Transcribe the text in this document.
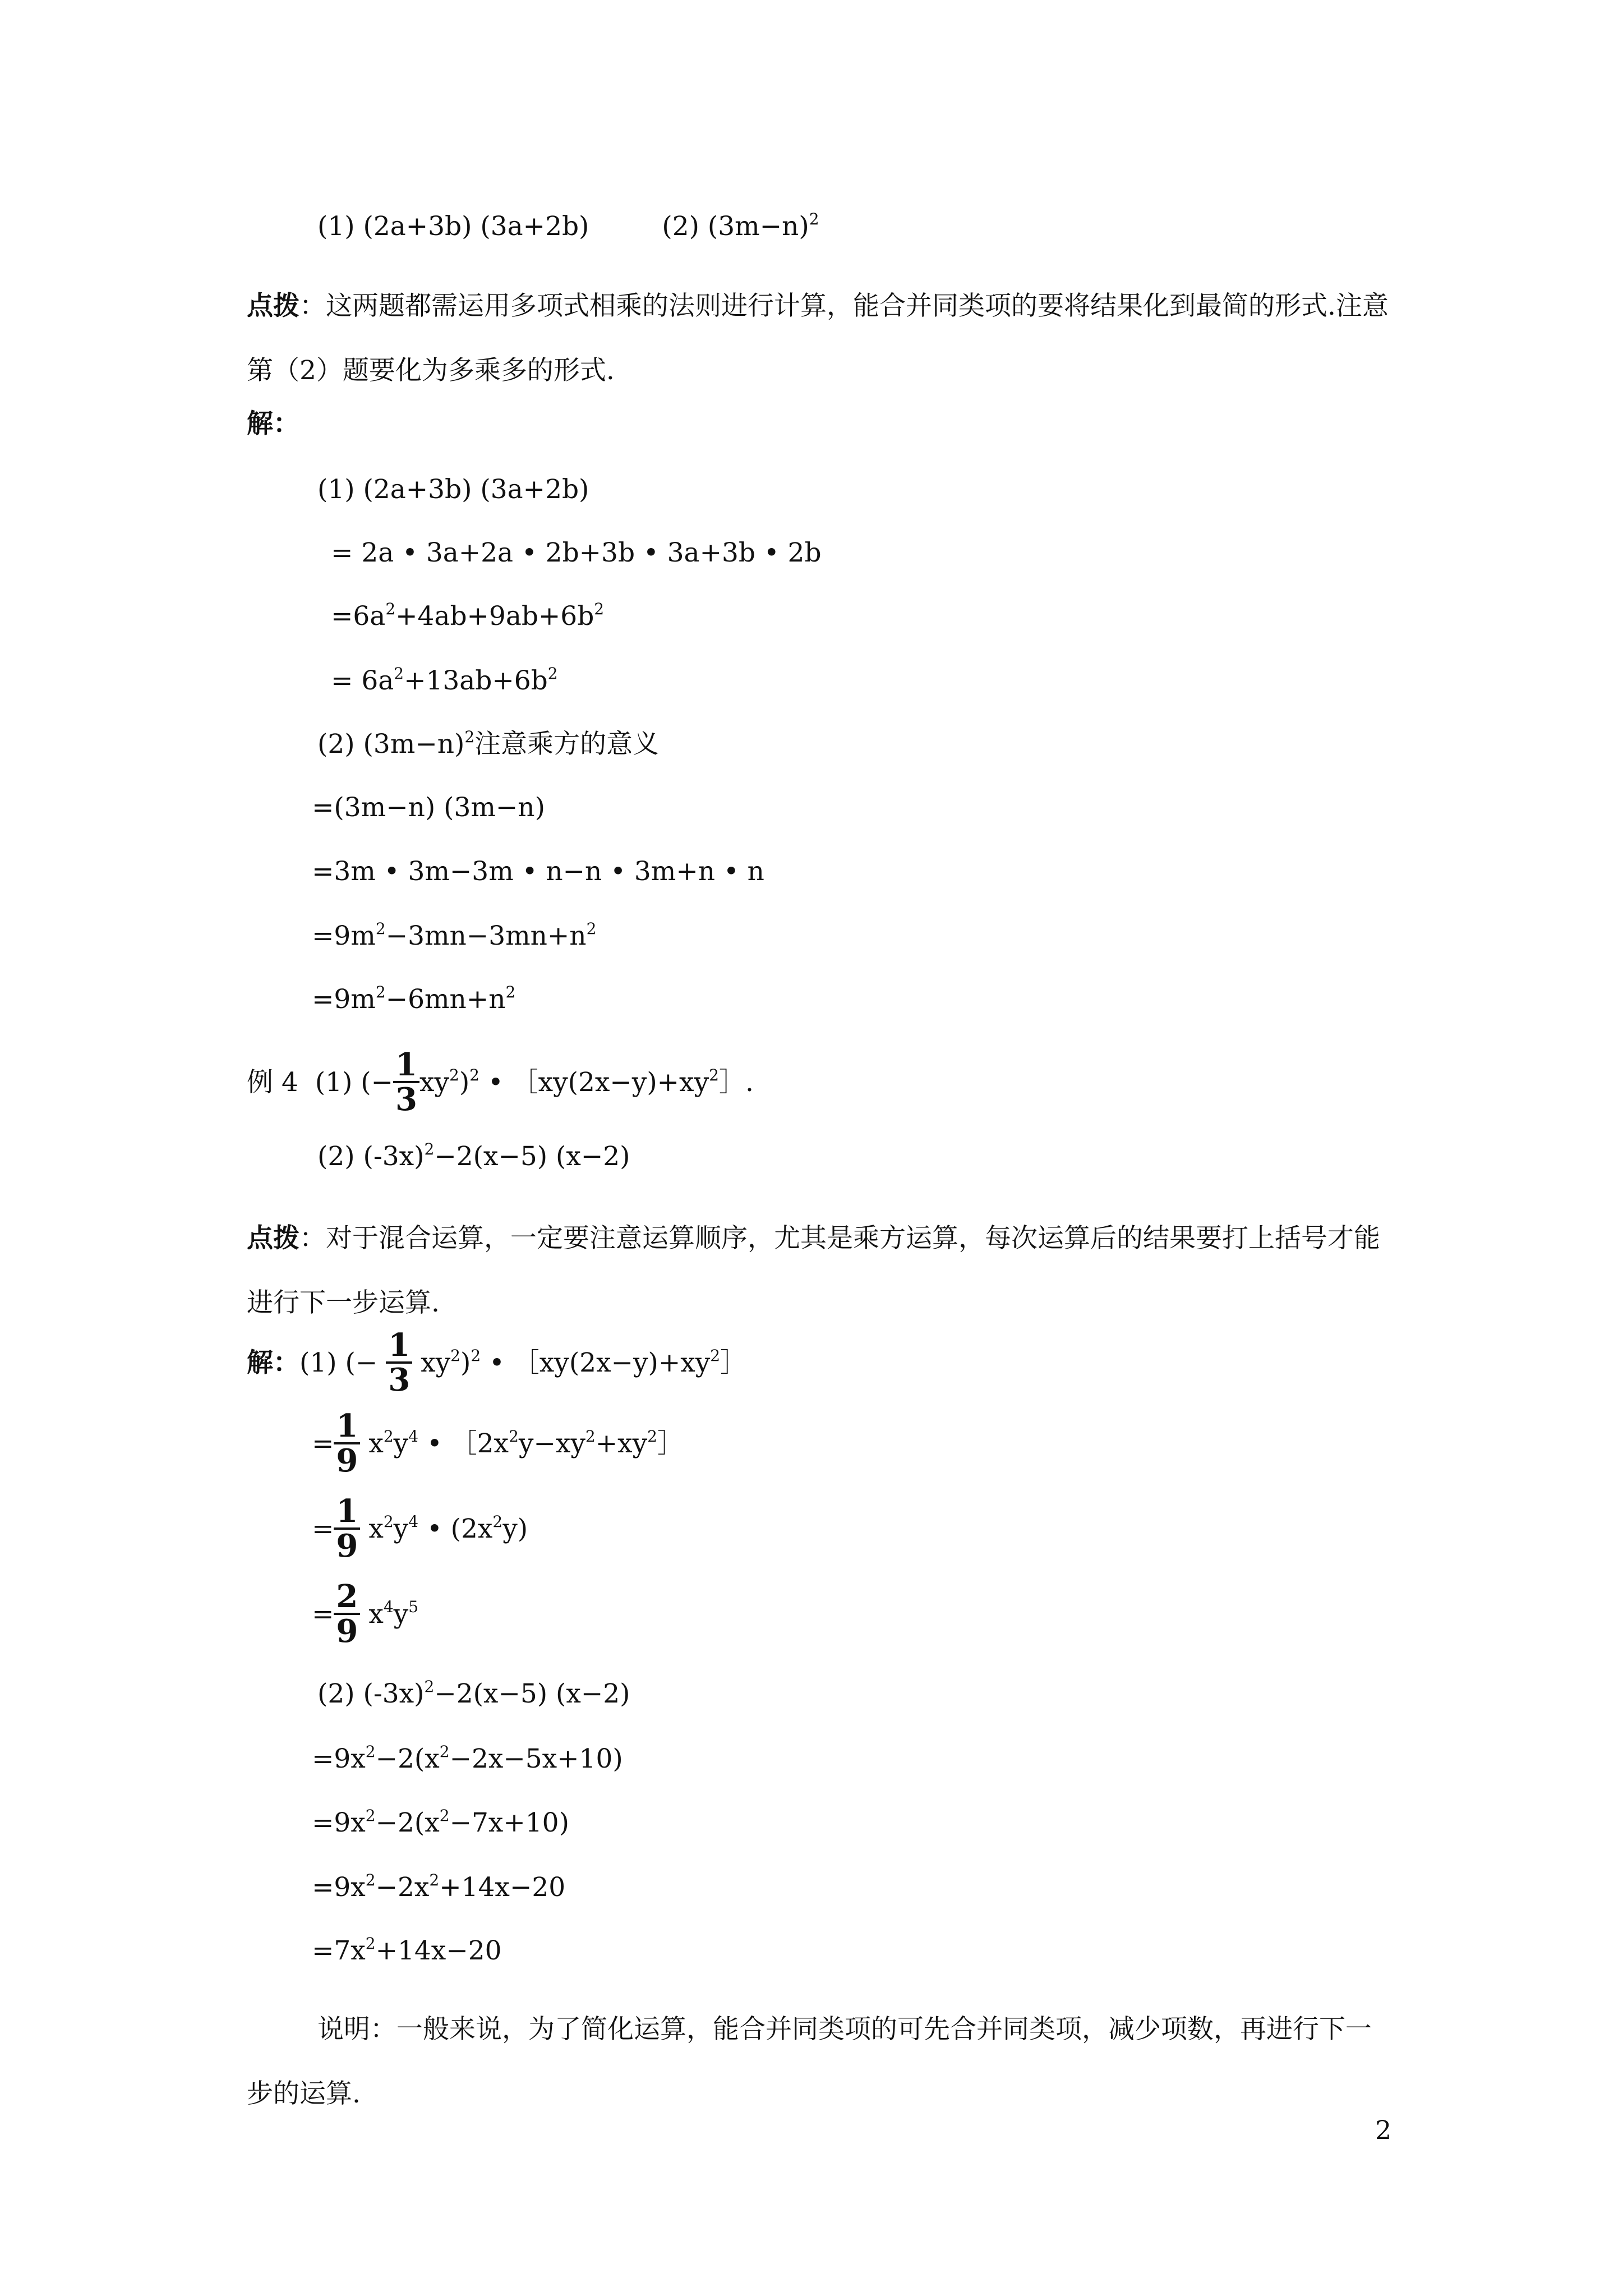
(1) (2a+3b) (3a+2b)	(2) $(3m-n)^2$
点拨：这两题都需运用多项式相乘的法则进行计算，能合并同类项的要将结果化到最简的形式.注意第（2）题要化为多乘多的形式.
解：
(1) (2a+3b) (3a+2b)
= 2a • 3a+2a • 2b+3b • 3a+3b • 2b
$=6a^2+4ab+9ab+6b^2$
= $6a^2+13ab+6b^2$
(2) $(3m-n)^2$注意乘方的意义
=(3m−n) (3m−n)
=3m • 3m−3m • n−n • 3m+n • n
$=9m^2-3mn-3mn+n^2$
$=9m^2-6mn+n^2$
例 4 (1) (− $\frac{1}{3} xy^2)^2$ • $[xy(2x-y)+xy^2]$.
(2) $(-3x)^2-2(x-5)$ (x−2)
点拨：对于混合运算，一定要注意运算顺序，尤其是乘方运算，每次运算后的结果要打上括号才能进行下一步运算.
解：(1) (− $\frac{1}{3} xy^2)^2$ • $[xy(2x-y)+xy^2]$
= $\frac{1}{9} x^2y^4$ • $[2x^2y-xy^2+xy^2]$
= $\frac{1}{9} x^2y^4$ • $(2x^2y)$
= $\frac{2}{9} x^4y^5$
(2) $(-3x)^2-2(x-5)$ (x−2)
$=9x^2-2(x^2-2x-5x+10)$
$=9x^2-2(x^2-7x+10)$
$=9x^2-2x^2+14x-20$
$=7x^2+14x-20$
说明：一般来说，为了简化运算，能合并同类项的可先合并同类项，减少项数，再进行下一步的运算.
2
